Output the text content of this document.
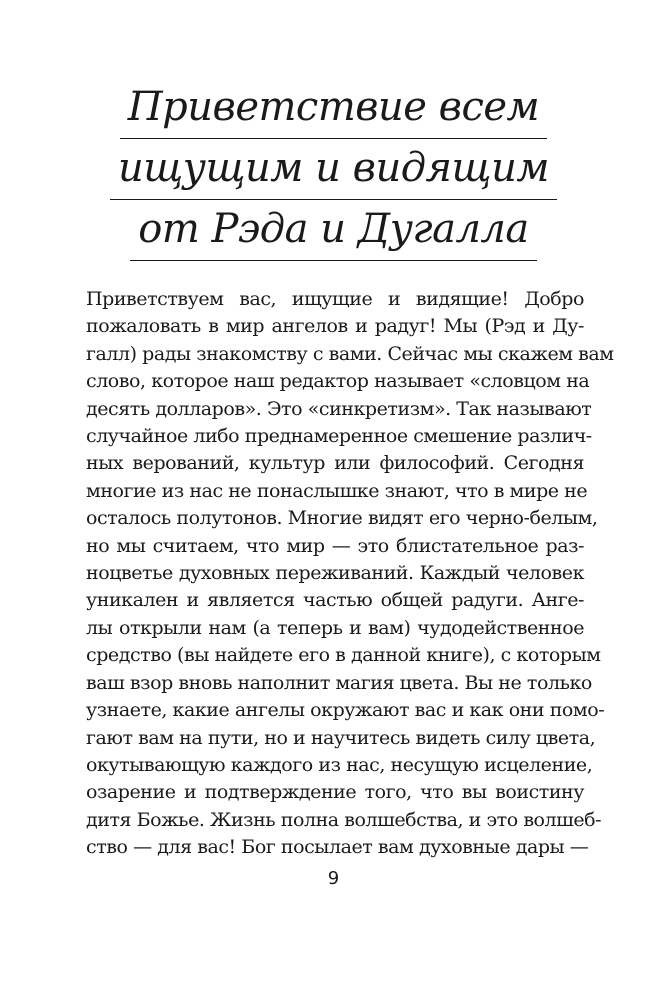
Приветствие всем
ищущим и видящим
от Рэда и Дугалла
Приветствуем вас, ищущие и видящие! Добро
пожаловать в мир ангелов и радуг! Мы (Рэд и Ду-
галл) рады знакомству с вами. Сейчас мы скажем вам
слово, которое наш редактор называет «словцом на
десять долларов». Это «синкретизм». Так называют
случайное либо преднамеренное смешение различ-
ных верований, культур или философий. Сегодня
многие из нас не понаслышке знают, что в мире не
осталось полутонов. Многие видят его черно-белым,
но мы считаем, что мир — это блистательное раз-
ноцветье духовных переживаний. Каждый человек
уникален и является частью общей радуги. Анге-
лы открыли нам (а теперь и вам) чудодейственное
средство (вы найдете его в данной книге), с которым
ваш взор вновь наполнит магия цвета. Вы не только
узнаете, какие ангелы окружают вас и как они помо-
гают вам на пути, но и научитесь видеть силу цвета,
окутывающую каждого из нас, несущую исцеление,
озарение и подтверждение того, что вы воистину
дитя Божье. Жизнь полна волшебства, и это волшеб-
ство — для вас! Бог посылает вам духовные дары —
9
